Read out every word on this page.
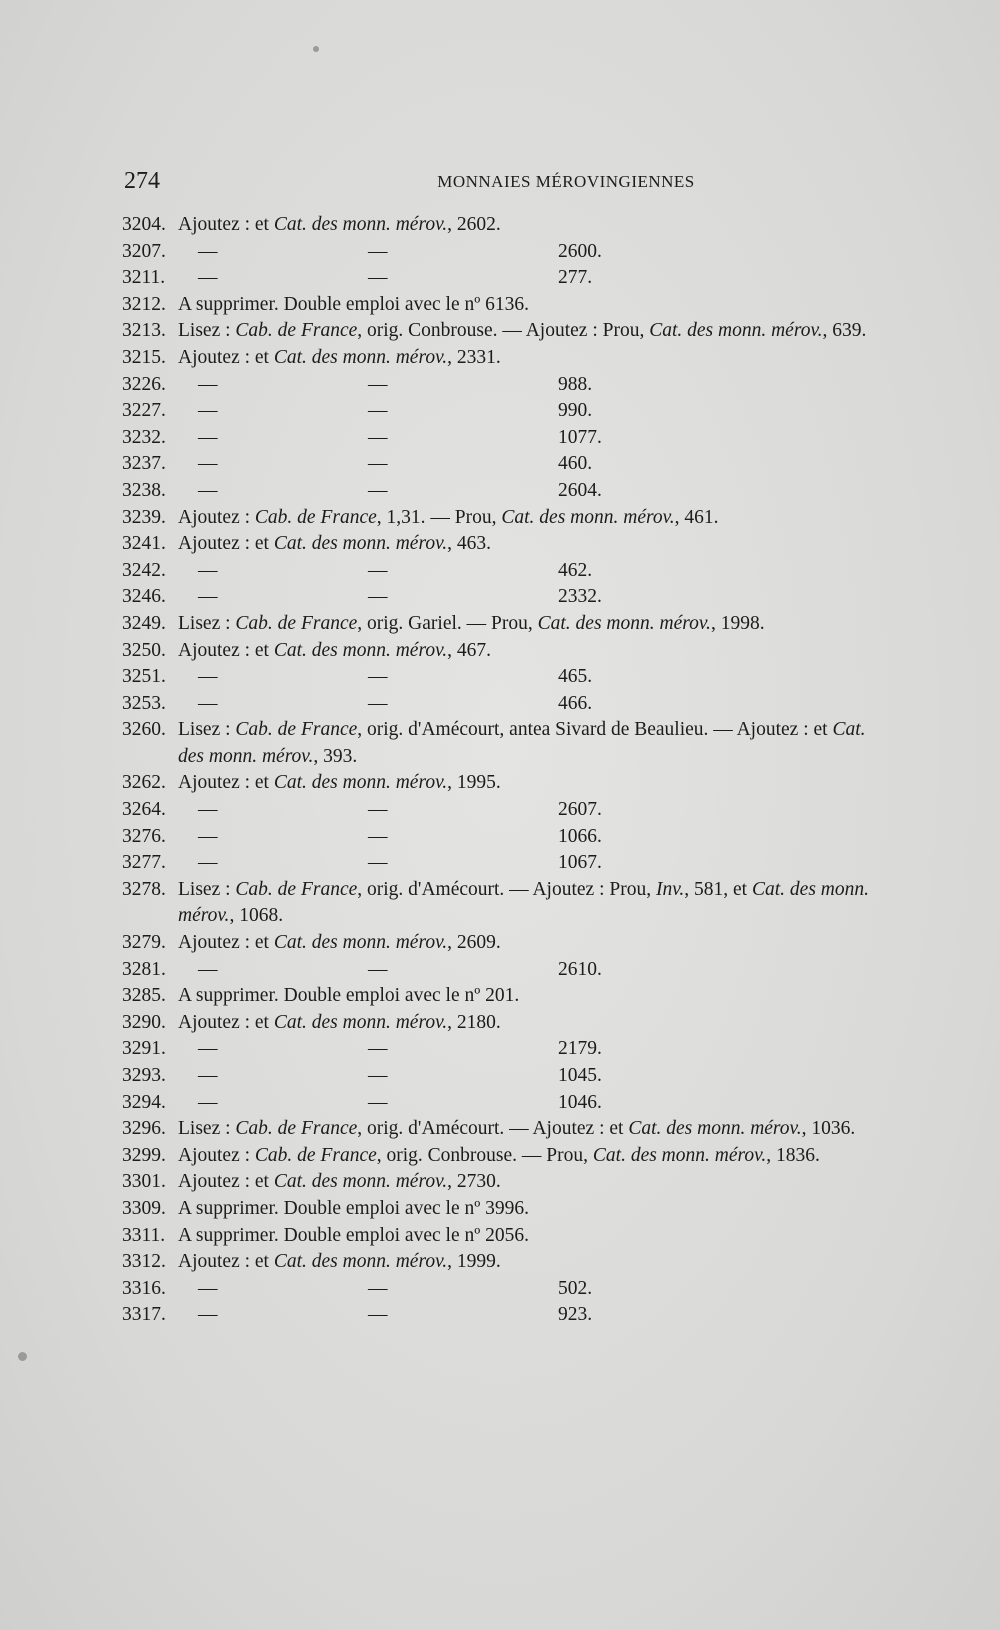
274	MONNAIES MÉROVINGIENNES
3204. Ajoutez : et Cat. des monn. mérov., 2602.
3207.	—	—	2600.
3211.	—	—	277.
3212. A supprimer. Double emploi avec le nº 6136.
3213. Lisez : Cab. de France, orig. Conbrouse. — Ajoutez : Prou, Cat. des monn. mérov., 639.
3215. Ajoutez : et Cat. des monn. mérov., 2331.
3226.	—	—	988.
3227.	—	—	990.
3232.	—	—	1077.
3237.	—	—	460.
3238.	—	—	2604.
3239. Ajoutez : Cab. de France, 1,31. — Prou, Cat. des monn. mérov., 461.
3241. Ajoutez : et Cat. des monn. mérov., 463.
3242.	—	—	462.
3246.	—	—	2332.
3249. Lisez : Cab. de France, orig. Gariel. — Prou, Cat. des monn. mérov., 1998.
3250. Ajoutez : et Cat. des monn. mérov., 467.
3251.	—	—	465.
3253.	—	—	466.
3260. Lisez : Cab. de France, orig. d'Amécourt, antea Sivard de Beaulieu. — Ajoutez : et Cat. des monn. mérov., 393.
3262. Ajoutez : et Cat. des monn. mérov., 1995.
3264.	—	—	2607.
3276.	—	—	1066.
3277.	—	—	1067.
3278. Lisez : Cab. de France, orig. d'Amécourt. — Ajoutez : Prou, Inv., 581, et Cat. des monn. mérov., 1068.
3279. Ajoutez : et Cat. des monn. mérov., 2609.
3281.	—	—	2610.
3285. A supprimer. Double emploi avec le nº 201.
3290. Ajoutez : et Cat. des monn. mérov., 2180.
3291.	—	—	2179.
3293.	—	—	1045.
3294.	—	—	1046.
3296. Lisez : Cab. de France, orig. d'Amécourt. — Ajoutez : et Cat. des monn. mérov., 1036.
3299. Ajoutez : Cab. de France, orig. Conbrouse. — Prou, Cat. des monn. mérov., 1836.
3301. Ajoutez : et Cat. des monn. mérov., 2730.
3309. A supprimer. Double emploi avec le nº 3996.
3311. A supprimer. Double emploi avec le nº 2056.
3312. Ajoutez : et Cat. des monn. mérov., 1999.
3316.	—	—	502.
3317.	—	—	923.
